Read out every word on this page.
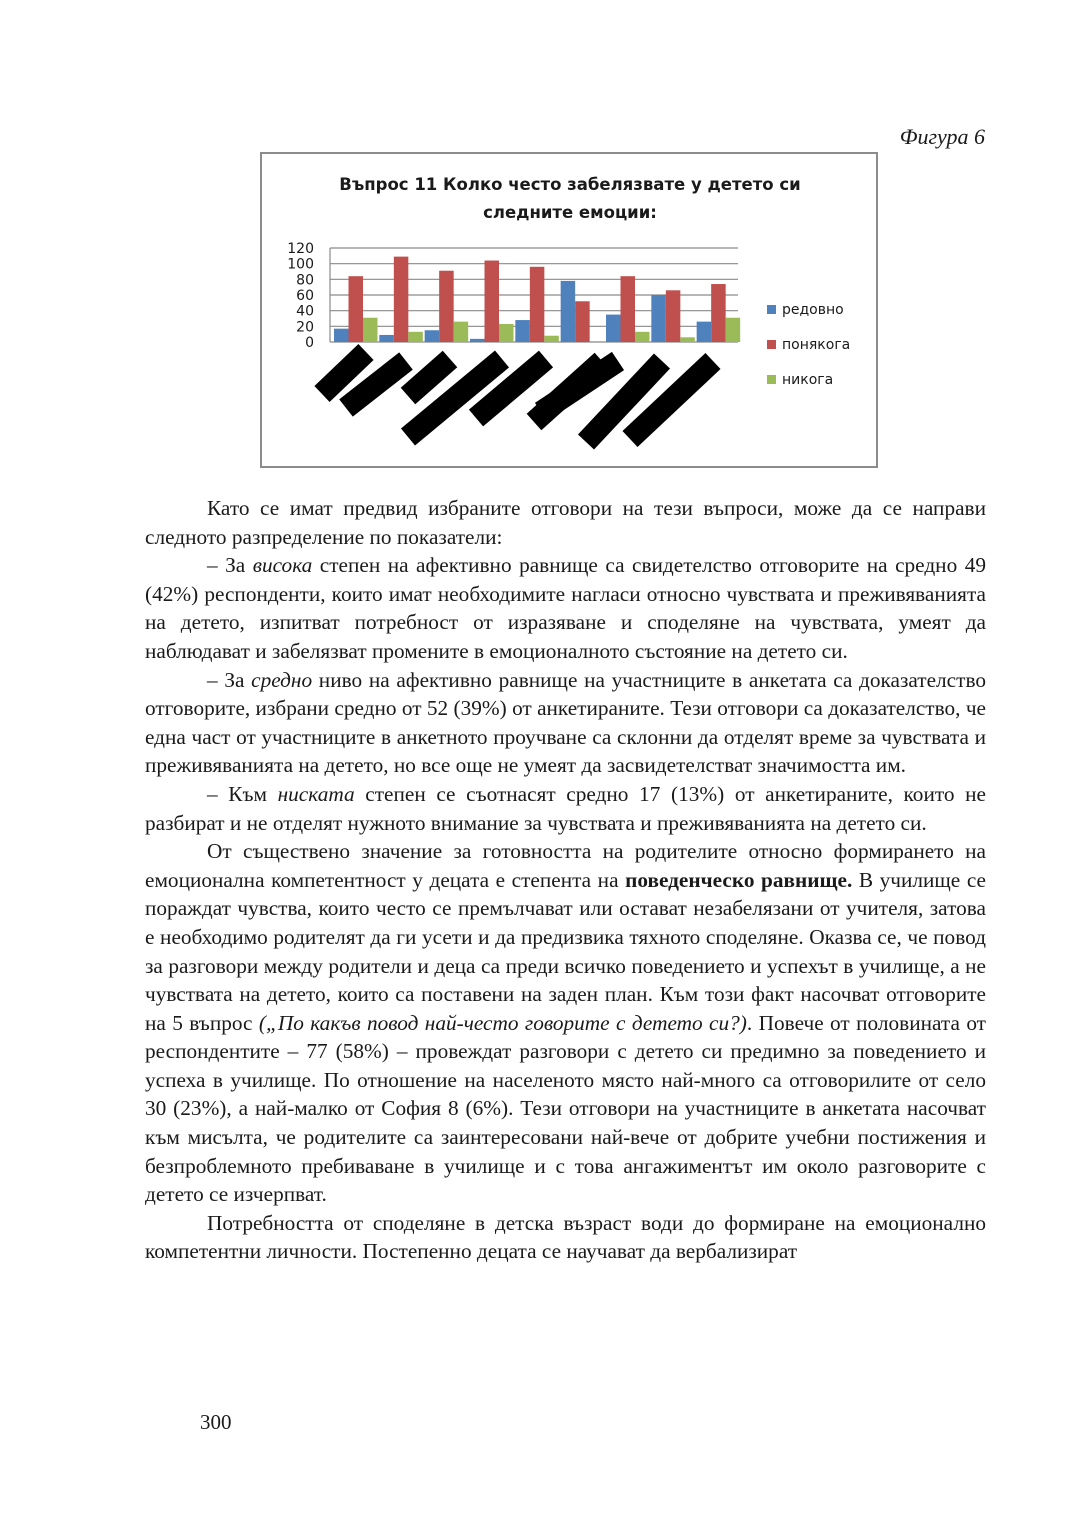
Фигура 6
Въпрос 11 Колко често забелязвате у детето си
следните емоции:
120
100
80
60
40
20
0
редовно
понякога
никога

Като се имат предвид избраните отговори на тези въпроси, може да се направи следното разпределение по показатели:

– За висока степен на афективно равнище са свидетелство отговорите на средно 49 (42%) респонденти, които имат необходимите нагласи относно чувствата и преживяванията на детето, изпитват потребност от изразяване и споделяне на чувствата, умеят да наблюдават и забелязват промените в емоционалното състояние на детето си.

– За средно ниво на афективно равнище на участниците в анкетата са доказателство отговорите, избрани средно от 52 (39%) от анкетираните. Тези отговори са доказателство, че една част от участниците в анкетното проучване са склонни да отделят време за чувствата и преживяванията на детето, но все още не умеят да засвидетелстват значимостта им.

– Към ниската степен се съотнасят средно 17 (13%) от анкетираните, които не разбират и не отделят нужното внимание за чувствата и преживяванията на детето си.

От съществено значение за готовността на родителите относно формирането на емоционална компетентност у децата е степента на поведенческо равнище. В училище се пораждат чувства, които често се премълчават или остават незабелязани от учителя, затова е необходимо родителят да ги усети и да предизвика тяхното споделяне. Оказва се, че повод за разговори между родители и деца са преди всичко поведението и успехът в училище, а не чувствата на детето, които са поставени на заден план. Към този факт насочват отговорите на 5 въпрос („По какъв повод най-често говорите с детето си?). Повече от половината от респондентите – 77 (58%) – провеждат разговори с детето си предимно за поведението и успеха в училище. По отношение на населеното място най-много са отговорилите от село 30 (23%), а най-малко от София 8 (6%). Тези отговори на участниците в анкетата насочват към мисълта, че родителите са заинтересовани най-вече от добрите учебни постижения и безпроблемното пребиваване в училище и с това ангажиментът им около разговорите с детето се изчерпват.

Потребността от споделяне в детска възраст води до формиране на емоционално компетентни личности. Постепенно децата се научават да вербализират

300
